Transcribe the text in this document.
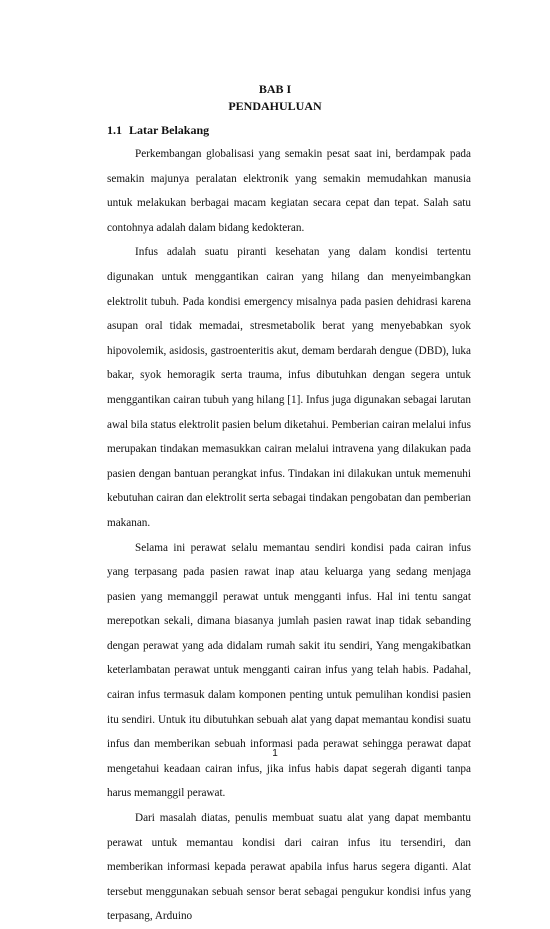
BAB I
PENDAHULUAN
1.1 Latar Belakang

Perkembangan globalisasi yang semakin pesat saat ini, berdampak pada semakin majunya peralatan elektronik yang semakin memudahkan manusia untuk melakukan berbagai macam kegiatan secara cepat dan tepat. Salah satu contohnya adalah dalam bidang kedokteran.

Infus adalah suatu piranti kesehatan yang dalam kondisi tertentu digunakan untuk menggantikan cairan yang hilang dan menyeimbangkan elektrolit tubuh. Pada kondisi emergency misalnya pada pasien dehidrasi karena asupan oral tidak memadai, stresmetabolik berat yang menyebabkan syok hipovolemik, asidosis, gastroenteritis akut, demam berdarah dengue (DBD), luka bakar, syok hemoragik serta trauma, infus dibutuhkan dengan segera untuk menggantikan cairan tubuh yang hilang [1]. Infus juga digunakan sebagai larutan awal bila status elektrolit pasien belum diketahui. Pemberian cairan melalui infus merupakan tindakan memasukkan cairan melalui intravena yang dilakukan pada pasien dengan bantuan perangkat infus. Tindakan ini dilakukan untuk memenuhi kebutuhan cairan dan elektrolit serta sebagai tindakan pengobatan dan pemberian makanan.

Selama ini perawat selalu memantau sendiri kondisi pada cairan infus yang terpasang pada pasien rawat inap atau keluarga yang sedang menjaga pasien yang memanggil perawat untuk mengganti infus. Hal ini tentu sangat merepotkan sekali, dimana biasanya jumlah pasien rawat inap tidak sebanding dengan perawat yang ada didalam rumah sakit itu sendiri, Yang mengakibatkan keterlambatan perawat untuk mengganti cairan infus yang telah habis. Padahal, cairan infus termasuk dalam komponen penting untuk pemulihan kondisi pasien itu sendiri. Untuk itu dibutuhkan sebuah alat yang dapat memantau kondisi suatu infus dan memberikan sebuah informasi pada perawat sehingga perawat dapat mengetahui keadaan cairan infus, jika infus habis dapat segerah diganti tanpa harus memanggil perawat.

Dari masalah diatas, penulis membuat suatu alat yang dapat membantu perawat untuk memantau kondisi dari cairan infus itu tersendiri, dan memberikan informasi kepada perawat apabila infus harus segera diganti. Alat tersebut menggunakan sebuah sensor berat sebagai pengukur kondisi infus yang terpasang, Arduino

1
